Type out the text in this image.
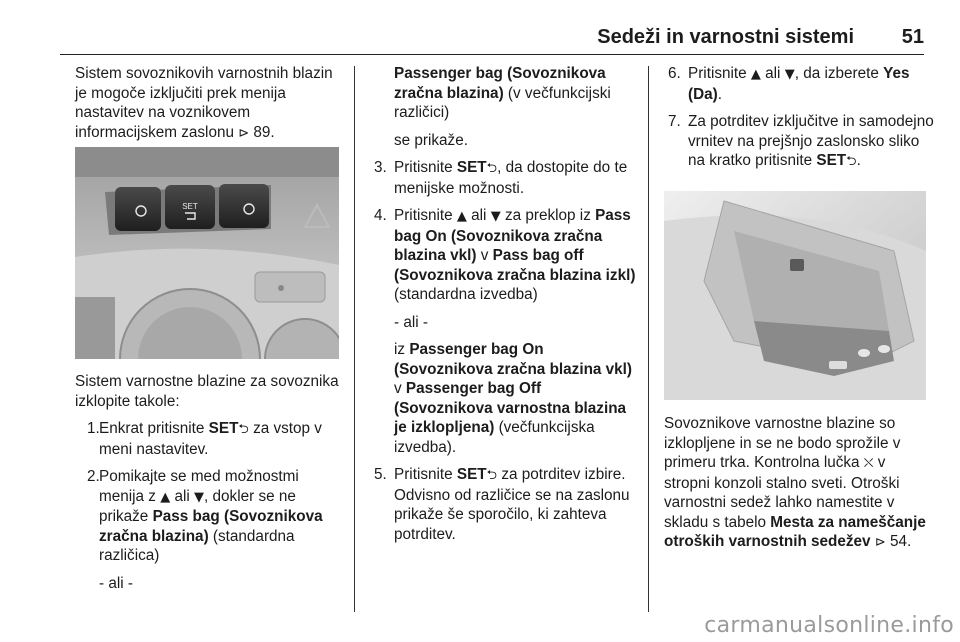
Sedeži in varnostni sistemi 51

Sistem sovoznikovih varnostnih blazin je mogoče izključiti prek menija nastavitev na voznikovem informacijskem zaslonu ⊳ 89.

SET

Sistem varnostne blazine za sovoznika izklopite takole:

1. Enkrat pritisnite SET⮌ za vstop v meni nastavitev.
2. Pomikajte se med možnostmi menija z ▲ ali ▼, dokler se ne prikaže Pass bag (Sovoznikova zračna blazina) (standardna različica)

- ali -

Passenger bag (Sovoznikova zračna blazina) (v večfunkcijski različici)

se prikaže.

3. Pritisnite SET⮌, da dostopite do te menijske možnosti.
4. Pritisnite ▲ ali ▼ za preklop iz Pass bag On (Sovoznikova zračna blazina vkl) v Pass bag off (Sovoznikova zračna blazina izkl) (standardna izvedba)

- ali -

iz Passenger bag On (Sovoznikova zračna blazina vkl) v Passenger bag Off (Sovoznikova varnostna blazina je izklopljena) (večfunkcijska izvedba).

5. Pritisnite SET⮌ za potrditev izbire. Odvisno od različice se na zaslonu prikaže še sporočilo, ki zahteva potrditev.
6. Pritisnite ▲ ali ▼, da izberete Yes (Da).
7. Za potrditev izključitve in samodejno vrnitev na prejšnjo zaslonsko sliko na kratko pritisnite SET⮌.

Sovoznikove varnostne blazine so izklopljene in se ne bodo sprožile v primeru trka. Kontrolna lučka ⛌ v stropni konzoli stalno sveti. Otroški varnostni sedež lahko namestite v skladu s tabelo Mesta za nameščanje otroških varnostnih sedežev ⊳ 54.

carmanualsonline.info
